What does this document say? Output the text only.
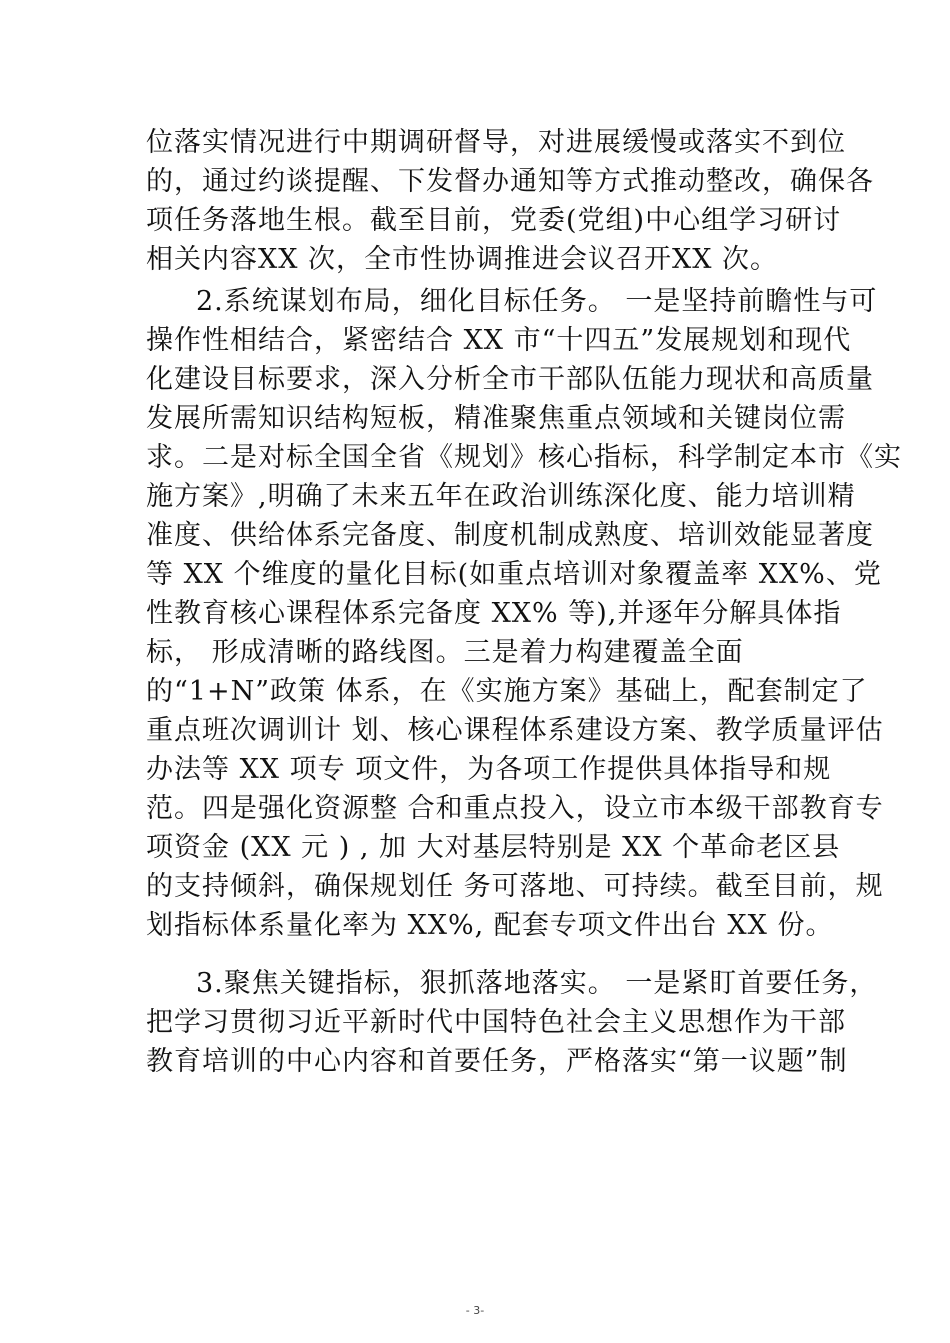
位落实情况进行中期调研督导，对进展缓慢或落实不到位
的，通过约谈提醒、下发督办通知等方式推动整改，确保各
项任务落地生根。截至目前，党委(党组)中心组学习研讨
相关内容XX 次，全市性协调推进会议召开XX 次。
2.系统谋划布局，细化目标任务。 一是坚持前瞻性与可
操作性相结合，紧密结合 XX 市“十四五”发展规划和现代
化建设目标要求，深入分析全市干部队伍能力现状和高质量
发展所需知识结构短板，精准聚焦重点领域和关键岗位需
求。二是对标全国全省《规划》核心指标，科学制定本市《实
施方案》,明确了未来五年在政治训练深化度、能力培训精
准度、供给体系完备度、制度机制成熟度、培训效能显著度
等 XX 个维度的量化目标(如重点培训对象覆盖率 XX%、党
性教育核心课程体系完备度 XX% 等),并逐年分解具体指
标， 形成清晰的路线图。三是着力构建覆盖全面
的“1+N”政策 体系，在《实施方案》基础上，配套制定了
重点班次调训计 划、核心课程体系建设方案、教学质量评估
办法等 XX 项专 项文件，为各项工作提供具体指导和规
范。四是强化资源整 合和重点投入，设立市本级干部教育专
项资金 (XX 元 ) , 加 大对基层特别是 XX 个革命老区县
的支持倾斜，确保规划任 务可落地、可持续。截至目前，规
划指标体系量化率为 XX%, 配套专项文件出台 XX 份。
3.聚焦关键指标，狠抓落地落实。 一是紧盯首要任务，
把学习贯彻习近平新时代中国特色社会主义思想作为干部
教育培训的中心内容和首要任务，严格落实“第一议题”制
- 3-
